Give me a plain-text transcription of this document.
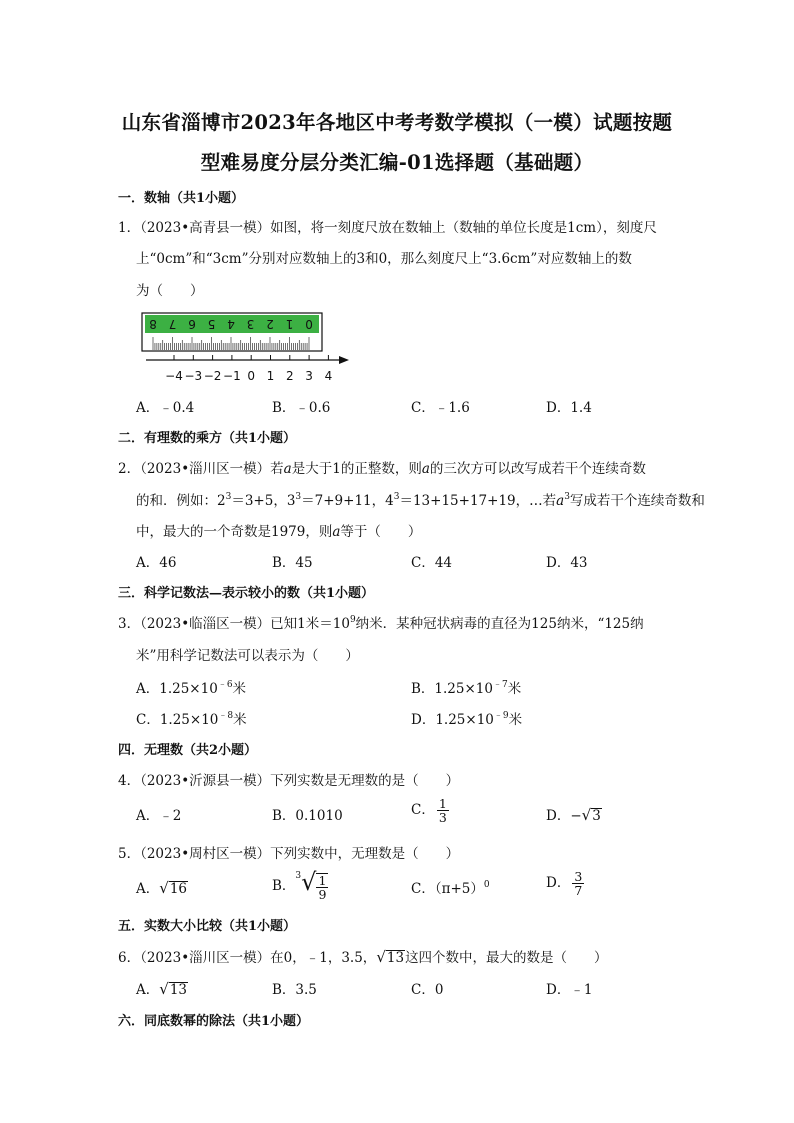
山东省淄博市2023年各地区中考考数学模拟（一模）试题按题
型难易度分层分类汇编-01选择题（基础题）
一．数轴（共1小题）
1．（2023•高青县一模）如图，将一刻度尺放在数轴上（数轴的单位长度是1cm），刻度尺
上“0cm”和“3cm”分别对应数轴上的3和0，那么刻度尺上“3.6cm”对应数轴上的数
为（　　）
8 7 6 5 4 3 2 1 0
−4 −3 −2 −1 0 1 2 3 4
A．﹣0.4	B．﹣0.6	C．﹣1.6	D．1.4
二．有理数的乘方（共1小题）
2．（2023•淄川区一模）若a是大于1的正整数，则a的三次方可以改写成若干个连续奇数
的和．例如：$2^3=3+5$，$3^3=7+9+11$，$4^3=13+15+17+19$，…若$a^3$写成若干个连续奇数和
中，最大的一个奇数是1979，则a等于（　　）
A．46	B．45	C．44	D．43
三．科学记数法—表示较小的数（共1小题）
3．（2023•临淄区一模）已知1米$=10^9$纳米．某种冠状病毒的直径为125纳米，“125纳
米”用科学记数法可以表示为（　　）
A．$1.25\times 10^{﹣6}$米	B．$1.25\times 10^{﹣7}$米
C．$1.25\times 10^{﹣8}$米	D．$1.25\times 10^{﹣9}$米
四．无理数（共2小题）
4．（2023•沂源县一模）下列实数是无理数的是（　　）
A．﹣2	B．0.1010	C． $\frac{1}{3}$	D．−√3
5．（2023•周村区一模）下列实数中，无理数是（　　）
A．√16	B．$^3√ \frac{1}{9}$	C．$(\pi+5)^0$	D． $\frac{3}{7}$
五．实数大小比较（共1小题）
6．（2023•淄川区一模）在0，﹣1，3.5，√13这四个数中，最大的数是（　　）
A．√13	B．3.5	C．0	D．﹣1
六．同底数幂的除法（共1小题）
